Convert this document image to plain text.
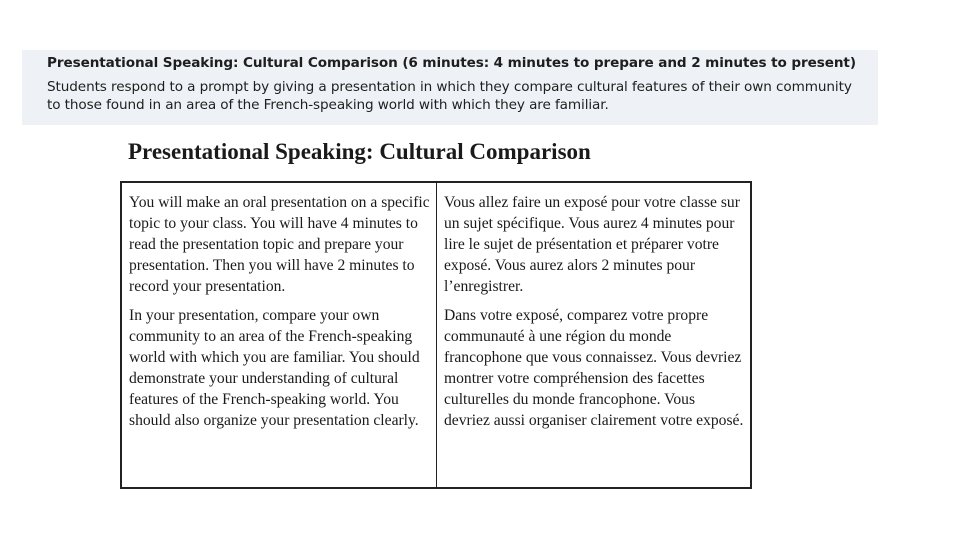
Presentational Speaking: Cultural Comparison (6 minutes: 4 minutes to prepare and 2 minutes to present)
Students respond to a prompt by giving a presentation in which they compare cultural features of their own community to those found in an area of the French-speaking world with which they are familiar.
Presentational Speaking: Cultural Comparison

You will make an oral presentation on a specific topic to your class. You will have 4 minutes to read the presentation topic and prepare your presentation. Then you will have 2 minutes to record your presentation.

In your presentation, compare your own community to an area of the French-speaking world with which you are familiar. You should demonstrate your understanding of cultural features of the French-speaking world. You should also organize your presentation clearly.

Vous allez faire un exposé pour votre classe sur un sujet spécifique. Vous aurez 4 minutes pour lire le sujet de présentation et préparer votre exposé. Vous aurez alors 2 minutes pour l’enregistrer.

Dans votre exposé, comparez votre propre communauté à une région du monde francophone que vous connaissez. Vous devriez montrer votre compréhension des facettes culturelles du monde francophone. Vous devriez aussi organiser clairement votre exposé.
